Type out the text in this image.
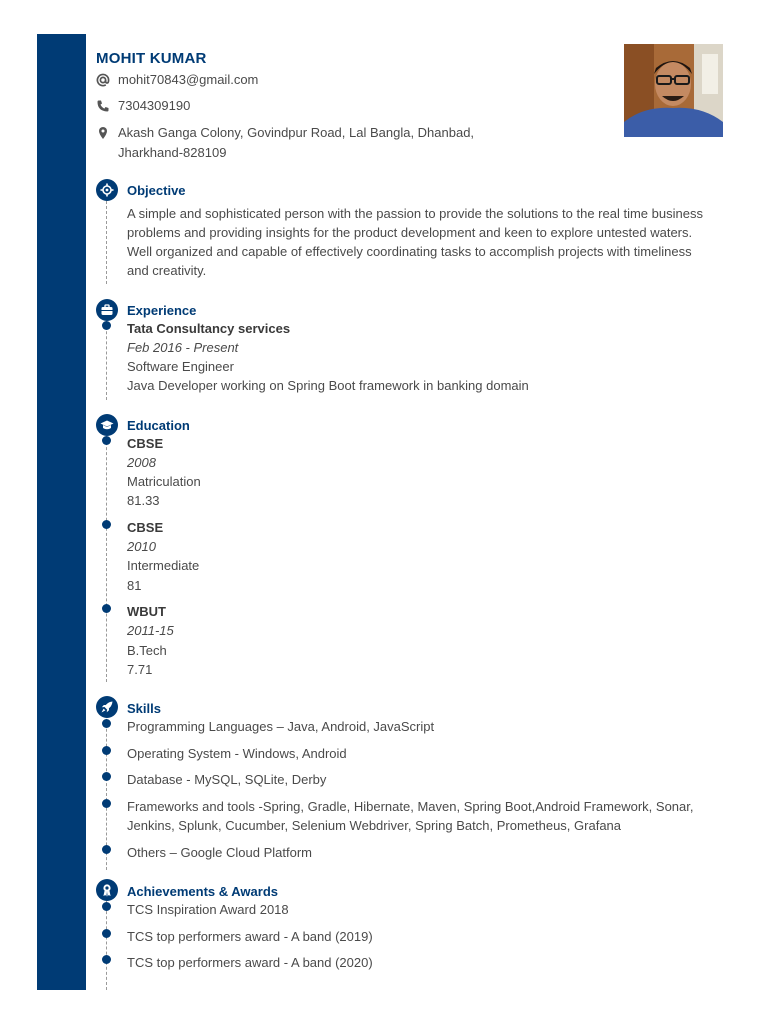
MOHIT KUMAR
mohit70843@gmail.com
7304309190
Akash Ganga Colony, Govindpur Road, Lal Bangla, Dhanbad, Jharkhand-828109
Objective
A simple and sophisticated person with the passion to provide the solutions to the real time business problems and providing insights for the product development and keen to explore untested waters. Well organized and capable of effectively coordinating tasks to accomplish projects with timeliness and creativity.
Experience
Tata Consultancy services
Feb 2016 - Present
Software Engineer
Java Developer working on Spring Boot framework in banking domain
Education
CBSE
2008
Matriculation
81.33
CBSE
2010
Intermediate
81
WBUT
2011-15
B.Tech
7.71
Skills
Programming Languages – Java, Android, JavaScript
Operating System - Windows, Android
Database - MySQL, SQLite, Derby
Frameworks and tools -Spring, Gradle, Hibernate, Maven, Spring Boot,Android Framework, Sonar, Jenkins, Splunk, Cucumber, Selenium Webdriver, Spring Batch, Prometheus, Grafana
Others – Google Cloud Platform
Achievements & Awards
TCS Inspiration Award 2018
TCS top performers award - A band (2019)
TCS top performers award - A band (2020)
